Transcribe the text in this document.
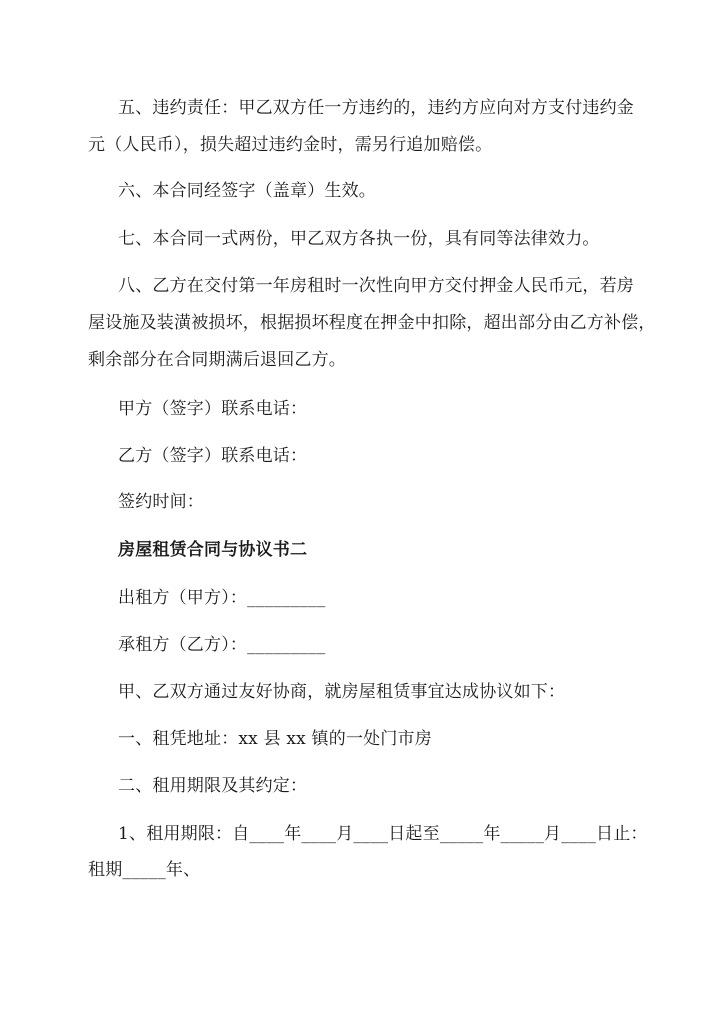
五、违约责任：甲乙双方任一方违约的，违约方应向对方支付违约金
元（人民币），损失超过违约金时，需另行追加赔偿。
六、本合同经签字（盖章）生效。
七、本合同一式两份，甲乙双方各执一份，具有同等法律效力。
八、乙方在交付第一年房租时一次性向甲方交付押金人民币元，若房
屋设施及装潢被损坏，根据损坏程度在押金中扣除，超出部分由乙方补偿，
剩余部分在合同期满后退回乙方。
甲方（签字）联系电话：
乙方（签字）联系电话：
签约时间：
房屋租赁合同与协议书二
出租方（甲方）：_________
承租方（乙方）：_________
甲、乙双方通过友好协商，就房屋租赁事宜达成协议如下：
一、租凭地址：xx 县 xx 镇的一处门市房
二、租用期限及其约定：
1、租用期限：自____年____月____日起至_____年_____月____日止：
租期_____年、
